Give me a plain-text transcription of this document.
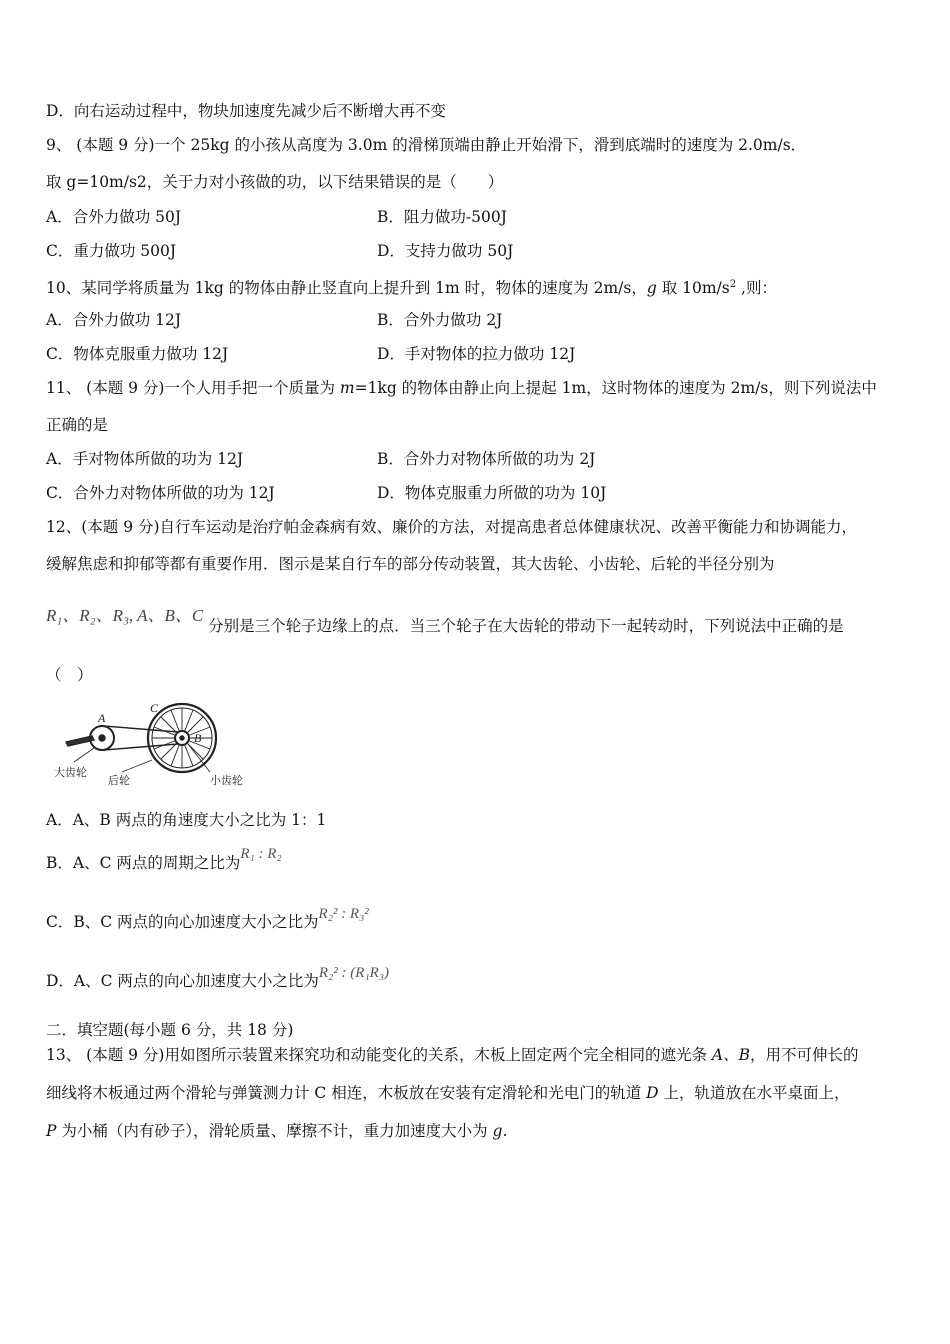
D．向右运动过程中，物块加速度先减少后不断增大再不变
9、 (本题 9 分)一个 25kg 的小孩从高度为 3.0m 的滑梯顶端由静止开始滑下，滑到底端时的速度为 2.0m/s．
取 g=10m/s2，关于力对小孩做的功，以下结果错误的是（　　）
A．合外力做功 50J	B．阻力做功-500J
C．重力做功 500J	D．支持力做功 50J
10、某同学将质量为 1kg 的物体由静止竖直向上提升到 1m 时，物体的速度为 2m/s，g 取 $10m/s^2$ ,则：
A．合外力做功 12J	B．合外力做功 2J
C．物体克服重力做功 12J	D．手对物体的拉力做功 12J
11、 (本题 9 分)一个人用手把一个质量为 m=1kg 的物体由静止向上提起 1m，这时物体的速度为 2m/s，则下列说法中
正确的是
A．手对物体所做的功为 12J	B．合外力对物体所做的功为 2J
C．合外力对物体所做的功为 12J	D．物体克服重力所做的功为 10J
12、(本题 9 分)自行车运动是治疗帕金森病有效、廉价的方法，对提高患者总体健康状况、改善平衡能力和协调能力，
缓解焦虑和抑郁等都有重要作用．图示是某自行车的部分传动装置，其大齿轮、小齿轮、后轮的半径分别为
R₁、R₂、R₃, A、B、C 分别是三个轮子边缘上的点．当三个轮子在大齿轮的带动下一起转动时，下列说法中正确的是
（　）
A
C
B
大齿轮
后轮	小齿轮
A．A、B 两点的角速度大小之比为 1：1
B．A、C 两点的周期之比为R₁ : R₂
C．B、C 两点的向心加速度大小之比为R₂² : R₃²
D．A、C 两点的向心加速度大小之比为R₂² : (R₁R₃)
二．填空题(每小题 6 分，共 18 分)
13、 (本题 9 分)用如图所示装置来探究功和动能变化的关系，木板上固定两个完全相同的遮光条 A、B，用不可伸长的
细线将木板通过两个滑轮与弹簧测力计 C 相连，木板放在安装有定滑轮和光电门的轨道 D 上，轨道放在水平桌面上，
P 为小桶（内有砂子），滑轮质量、摩擦不计，重力加速度大小为 g.
